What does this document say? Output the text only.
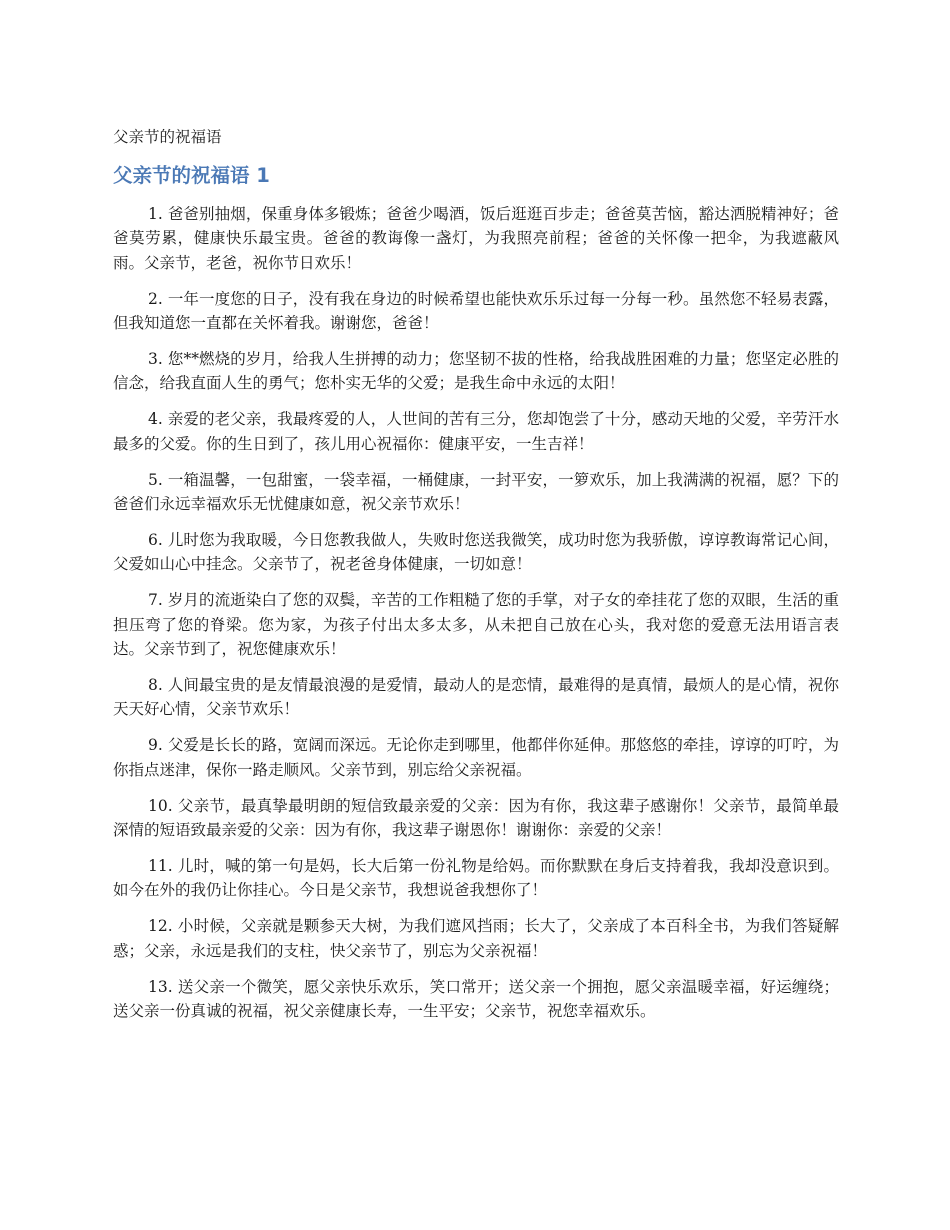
父亲节的祝福语
父亲节的祝福语 1

1. 爸爸别抽烟，保重身体多锻炼；爸爸少喝酒，饭后逛逛百步走；爸爸莫苦恼，豁达洒脱精神好；爸爸莫劳累，健康快乐最宝贵。爸爸的教诲像一盏灯，为我照亮前程；爸爸的关怀像一把伞，为我遮蔽风雨。父亲节，老爸，祝你节日欢乐！

2. 一年一度您的日子，没有我在身边的时候希望也能快欢乐乐过每一分每一秒。虽然您不轻易表露，但我知道您一直都在关怀着我。谢谢您，爸爸！

3. 您**燃烧的岁月，给我人生拼搏的动力；您坚韧不拔的性格，给我战胜困难的力量；您坚定必胜的信念，给我直面人生的勇气；您朴实无华的父爱；是我生命中永远的太阳！

4. 亲爱的老父亲，我最疼爱的人，人世间的苦有三分，您却饱尝了十分，感动天地的父爱，辛劳汗水最多的父爱。你的生日到了，孩儿用心祝福你：健康平安，一生吉祥！

5. 一箱温馨，一包甜蜜，一袋幸福，一桶健康，一封平安，一箩欢乐，加上我满满的祝福，愿？下的爸爸们永远幸福欢乐无忧健康如意，祝父亲节欢乐！

6. 儿时您为我取暖，今日您教我做人，失败时您送我微笑，成功时您为我骄傲，谆谆教诲常记心间，父爱如山心中挂念。父亲节了，祝老爸身体健康，一切如意！

7. 岁月的流逝染白了您的双鬓，辛苦的工作粗糙了您的手掌，对子女的牵挂花了您的双眼，生活的重担压弯了您的脊梁。您为家，为孩子付出太多太多，从未把自己放在心头，我对您的爱意无法用语言表达。父亲节到了，祝您健康欢乐！

8. 人间最宝贵的是友情最浪漫的是爱情，最动人的是恋情，最难得的是真情，最烦人的是心情，祝你天天好心情，父亲节欢乐！

9. 父爱是长长的路，宽阔而深远。无论你走到哪里，他都伴你延伸。那悠悠的牵挂，谆谆的叮咛，为你指点迷津，保你一路走顺风。父亲节到，别忘给父亲祝福。

10. 父亲节，最真挚最明朗的短信致最亲爱的父亲：因为有你，我这辈子感谢你！父亲节，最简单最深情的短语致最亲爱的父亲：因为有你，我这辈子谢恩你！谢谢你：亲爱的父亲！

11. 儿时，喊的第一句是妈，长大后第一份礼物是给妈。而你默默在身后支持着我，我却没意识到。如今在外的我仍让你挂心。今日是父亲节，我想说爸我想你了！

12. 小时候，父亲就是颗参天大树，为我们遮风挡雨；长大了，父亲成了本百科全书，为我们答疑解惑；父亲，永远是我们的支柱，快父亲节了，别忘为父亲祝福！

13. 送父亲一个微笑，愿父亲快乐欢乐，笑口常开；送父亲一个拥抱，愿父亲温暖幸福，好运缠绕；送父亲一份真诚的祝福，祝父亲健康长寿，一生平安；父亲节，祝您幸福欢乐。
